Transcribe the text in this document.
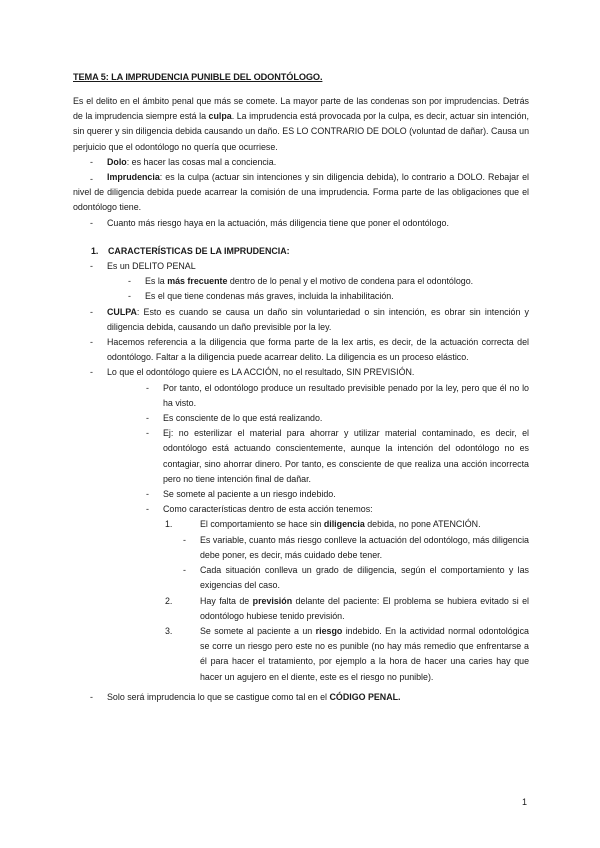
TEMA 5: LA IMPRUDENCIA PUNIBLE DEL ODONTÓLOGO.

Es el delito en el ámbito penal que más se comete. La mayor parte de las condenas son por imprudencias. Detrás de la imprudencia siempre está la culpa. La imprudencia está provocada por la culpa, es decir, actuar sin intención, sin querer y sin diligencia debida causando un daño. ES LO CONTRARIO DE DOLO (voluntad de dañar). Causa un perjuicio que el odontólogo no quería que ocurriese.

- Dolo: es hacer las cosas mal a conciencia.
- Imprudencia: es la culpa (actuar sin intenciones y sin diligencia debida), lo contrario a DOLO. Rebajar el nivel de diligencia debida puede acarrear la comisión de una imprudencia. Forma parte de las obligaciones que el odontólogo tiene.
- Cuanto más riesgo haya en la actuación, más diligencia tiene que poner el odontólogo.
1. CARACTERÍSTICAS DE LA IMPRUDENCIA:
- Es un DELITO PENAL
- Es la más frecuente dentro de lo penal y el motivo de condena para el odontólogo.
- Es el que tiene condenas más graves, incluida la inhabilitación.
- CULPA: Esto es cuando se causa un daño sin voluntariedad o sin intención, es obrar sin intención y diligencia debida, causando un daño previsible por la ley.
- Hacemos referencia a la diligencia que forma parte de la lex artis, es decir, de la actuación correcta del odontólogo. Faltar a la diligencia puede acarrear delito. La diligencia es un proceso elástico.
- Lo que el odontólogo quiere es LA ACCIÓN, no el resultado, SIN PREVISIÓN.
- Por tanto, el odontólogo produce un resultado previsible penado por la ley, pero que él no lo ha visto.
- Es consciente de lo que está realizando.
- Ej: no esterilizar el material para ahorrar y utilizar material contaminado, es decir, el odontólogo está actuando conscientemente, aunque la intención del odontólogo no es contagiar, sino ahorrar dinero. Por tanto, es consciente de que realiza una acción incorrecta pero no tiene intención final de dañar.
- Se somete al paciente a un riesgo indebido.
- Como características dentro de esta acción tenemos:
1.	El comportamiento se hace sin diligencia debida, no pone ATENCIÓN.
- Es variable, cuanto más riesgo conlleve la actuación del odontólogo, más diligencia debe poner, es decir, más cuidado debe tener.
- Cada situación conlleva un grado de diligencia, según el comportamiento y las exigencias del caso.
2.	Hay falta de previsión delante del paciente: El problema se hubiera evitado si el odontólogo hubiese tenido previsión.
3.	Se somete al paciente a un riesgo indebido. En la actividad normal odontológica se corre un riesgo pero este no es punible (no hay más remedio que enfrentarse a él para hacer el tratamiento, por ejemplo a la hora de hacer una caries hay que hacer un agujero en el diente, este es el riesgo no punible).
- Solo será imprudencia lo que se castigue como tal en el CÓDIGO PENAL.
1
